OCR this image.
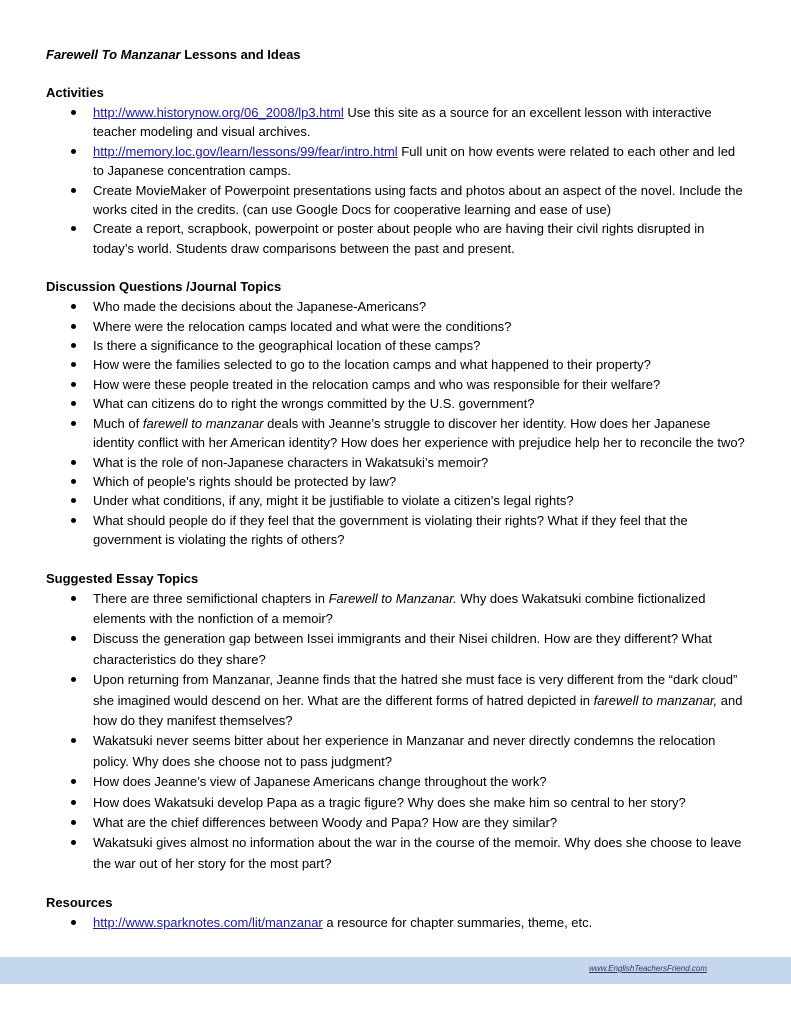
Farewell To Manzanar Lessons and Ideas

Activities

http://www.historynow.org/06_2008/lp3.html Use this site as a source for an excellent lesson with interactive teacher modeling and visual archives.
http://memory.loc.gov/learn/lessons/99/fear/intro.html Full unit on how events were related to each other and led to Japanese concentration camps.
Create MovieMaker of Powerpoint presentations using facts and photos about an aspect of the novel. Include the works cited in the credits. (can use Google Docs for cooperative learning and ease of use)
Create a report, scrapbook, powerpoint or poster about people who are having their civil rights disrupted in today’s world. Students draw comparisons between the past and present.

Discussion Questions /Journal Topics

Who made the decisions about the Japanese-Americans?
Where were the relocation camps located and what were the conditions?
Is there a significance to the geographical location of these camps?
How were the families selected to go to the location camps and what happened to their property?
How were these people treated in the relocation camps and who was responsible for their welfare?
What can citizens do to right the wrongs committed by the U.S. government?
Much of farewell to manzanar deals with Jeanne’s struggle to discover her identity. How does her Japanese identity conflict with her American identity? How does her experience with prejudice help her to reconcile the two?
What is the role of non-Japanese characters in Wakatsuki’s memoir?
Which of people's rights should be protected by law?
Under what conditions, if any, might it be justifiable to violate a citizen's legal rights?
What should people do if they feel that the government is violating their rights? What if they feel that the government is violating the rights of others?

Suggested Essay Topics

There are three semifictional chapters in Farewell to Manzanar. Why does Wakatsuki combine fictionalized elements with the nonfiction of a memoir?
Discuss the generation gap between Issei immigrants and their Nisei children. How are they different? What characteristics do they share?
Upon returning from Manzanar, Jeanne finds that the hatred she must face is very different from the “dark cloud” she imagined would descend on her. What are the different forms of hatred depicted in farewell to manzanar, and how do they manifest themselves?
Wakatsuki never seems bitter about her experience in Manzanar and never directly condemns the relocation policy. Why does she choose not to pass judgment?
How does Jeanne’s view of Japanese Americans change throughout the work?
How does Wakatsuki develop Papa as a tragic figure? Why does she make him so central to her story?
What are the chief differences between Woody and Papa? How are they similar?
Wakatsuki gives almost no information about the war in the course of the memoir. Why does she choose to leave the war out of her story for the most part?

Resources

http://www.sparknotes.com/lit/manzanar a resource for chapter summaries, theme, etc.
www.EnglishTeachersFriend.com
